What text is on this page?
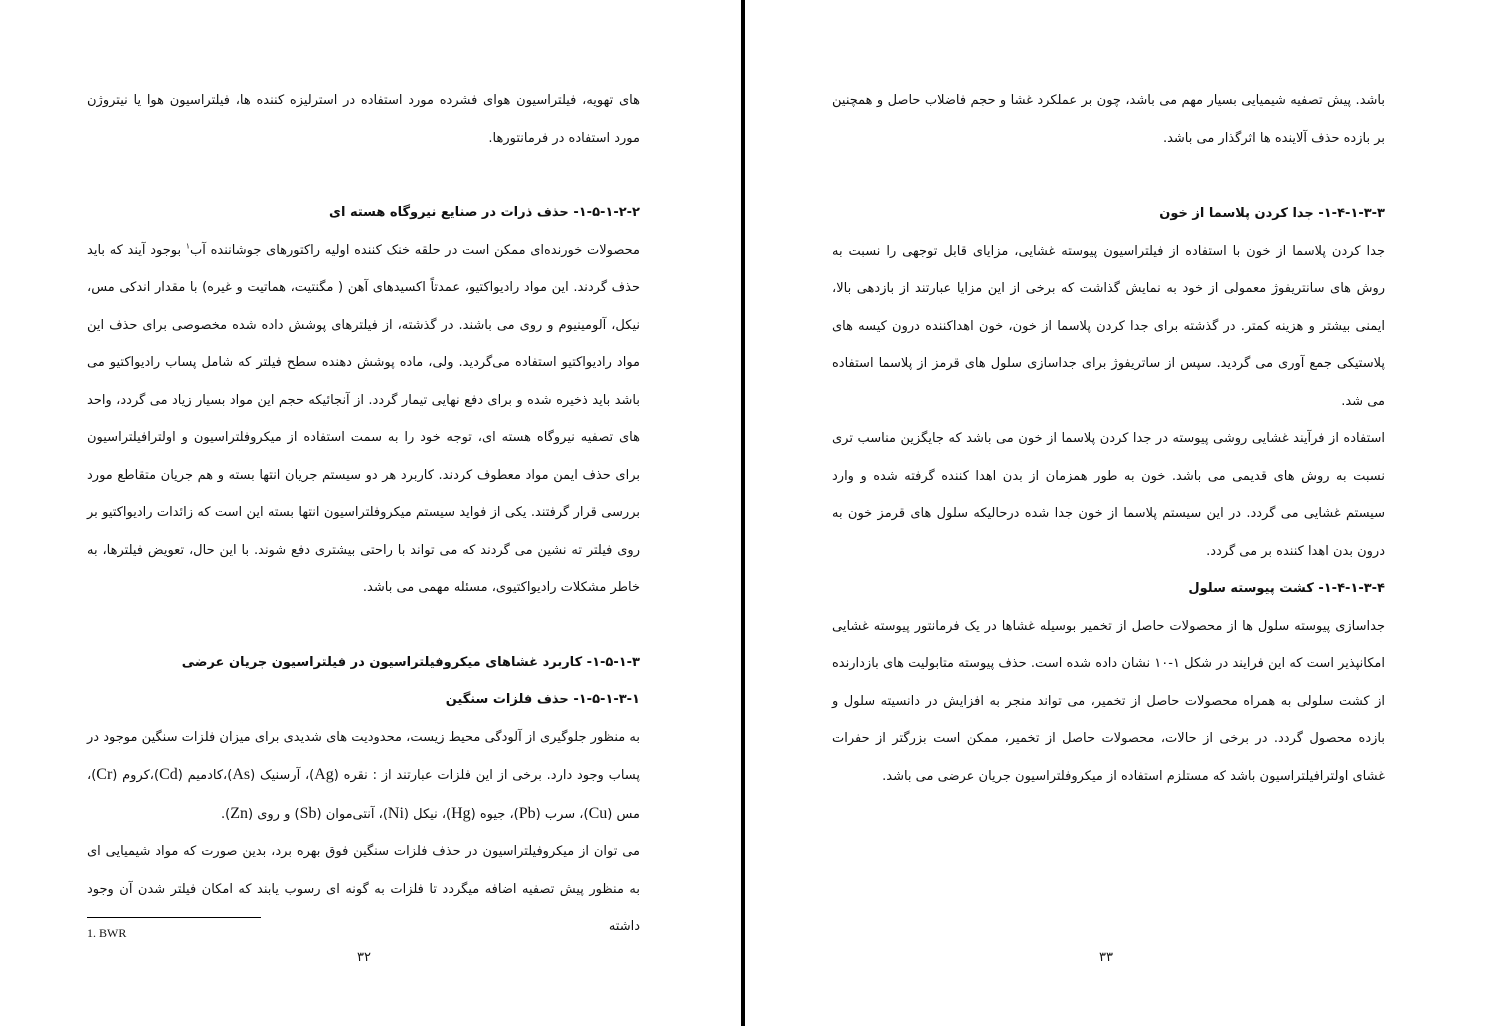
های تهویه، فیلتراسیون هوای فشرده مورد استفاده در استرلیزه کننده ها، فیلتراسیون هوا یا نیتروژن مورد استفاده در فرمانتورها.

۱-۵-۱-۲-۲- حذف ذرات در صنایع نیروگاه هسته ای

محصولات خورنده‌ای ممکن است در حلقه خنک کننده اولیه راکتورهای جوشاننده آب$^۱$ بوجود آیند که باید حذف گردند. این مواد رادیواکتیو، عمدتاً اکسیدهای آهن ( مگنتیت، هماتیت و غیره) با مقدار اندکی مس، نیکل، آلومینیوم و روی می باشند. در گذشته، از فیلترهای پوشش داده شده مخصوصی برای حذف این مواد رادیواکتیو استفاده می‌گردید. ولی، ماده پوشش دهنده سطح فیلتر که شامل پساب رادیواکتیو می باشد باید ذخیره شده و برای دفع نهایی تیمار گردد. از آنجائیکه حجم این مواد بسیار زیاد می گردد، واحد های تصفیه نیروگاه هسته ای، توجه خود را به سمت استفاده از میکروفلتراسیون و اولترافیلتراسیون برای حذف ایمن مواد معطوف کردند. کاربرد هر دو سیستم جریان انتها بسته و هم جریان متقاطع مورد بررسی قرار گرفتند. یکی از فواید سیستم میکروفلتراسیون انتها بسته این است که زائدات رادیواکتیو بر روی فیلتر ته نشین می گردند که می تواند با راحتی بیشتری دفع شوند. با این حال، تعویض فیلترها، به خاطر مشکلات رادیواکتیوی، مسئله مهمی می باشد.

۱-۵-۱-۳- کاربرد غشاهای میکروفیلتراسیون در فیلتراسیون جریان عرضی

۱-۵-۱-۳-۱- حذف فلزات سنگین

به منظور جلوگیری از آلودگی محیط زیست، محدودیت های شدیدی برای میزان فلزات سنگین موجود در پساب وجود دارد. برخی از این فلزات عبارتند از : نقره (Ag)، آرسنیک (As)،کادمیم (Cd)،کروم (Cr)، مس (Cu)، سرب (Pb)، جیوه (Hg)، نیکل (Ni)، آنتی‌موان (Sb) و روی (Zn).

می توان از میکروفیلتراسیون در حذف فلزات سنگین فوق بهره برد، بدین صورت که مواد شیمیایی ای به منظور پیش تصفیه اضافه میگردد تا فلزات به گونه ای رسوب یابند که امکان فیلتر شدن آن وجود داشته

1. BWR
۳۲

باشد. پیش تصفیه شیمیایی بسیار مهم می باشد، چون بر عملکرد غشا و حجم فاضلاب حاصل و همچنین بر بازده حذف آلاینده ها اثرگذار می باشد.

۱-۴-۱-۳-۳- جدا کردن پلاسما از خون

جدا کردن پلاسما از خون با استفاده از فیلتراسیون پیوسته غشایی، مزایای قابل توجهی را نسبت به روش های سانتریفوژ معمولی از خود به نمایش گذاشت که برخی از این مزایا عبارتند از بازدهی بالا، ایمنی بیشتر و هزینه کمتر. در گذشته برای جدا کردن پلاسما از خون، خون اهداکننده درون کیسه های پلاستیکی جمع آوری می گردید. سپس از ساتریفوژ برای جداسازی سلول های قرمز از پلاسما استفاده می شد.

استفاده از فرآیند غشایی روشی پیوسته در جدا کردن پلاسما از خون می باشد که جایگزین مناسب تری نسبت به روش های قدیمی می باشد. خون به طور همزمان از بدن اهدا کننده گرفته شده و وارد سیستم غشایی می گردد. در این سیستم پلاسما از خون جدا شده درحالیکه سلول های قرمز خون به درون بدن اهدا کننده بر می گردد.

۱-۴-۱-۳-۴- کشت پیوسته سلول

جداسازی پیوسته سلول ها از محصولات حاصل از تخمیر بوسیله غشاها در یک فرمانتور پیوسته غشایی امکانپذیر است که این فرایند در شکل ۱-۱۰ نشان داده شده است. حذف پیوسته متابولیت های بازدارنده از کشت سلولی به همراه محصولات حاصل از تخمیر، می تواند منجر به افزایش در دانسیته سلول و بازده محصول گردد. در برخی از حالات، محصولات حاصل از تخمیر، ممکن است بزرگتر از حفرات غشای اولترافیلتراسیون باشد که مستلزم استفاده از میکروفلتراسیون جریان عرضی می باشد.

۳۳
